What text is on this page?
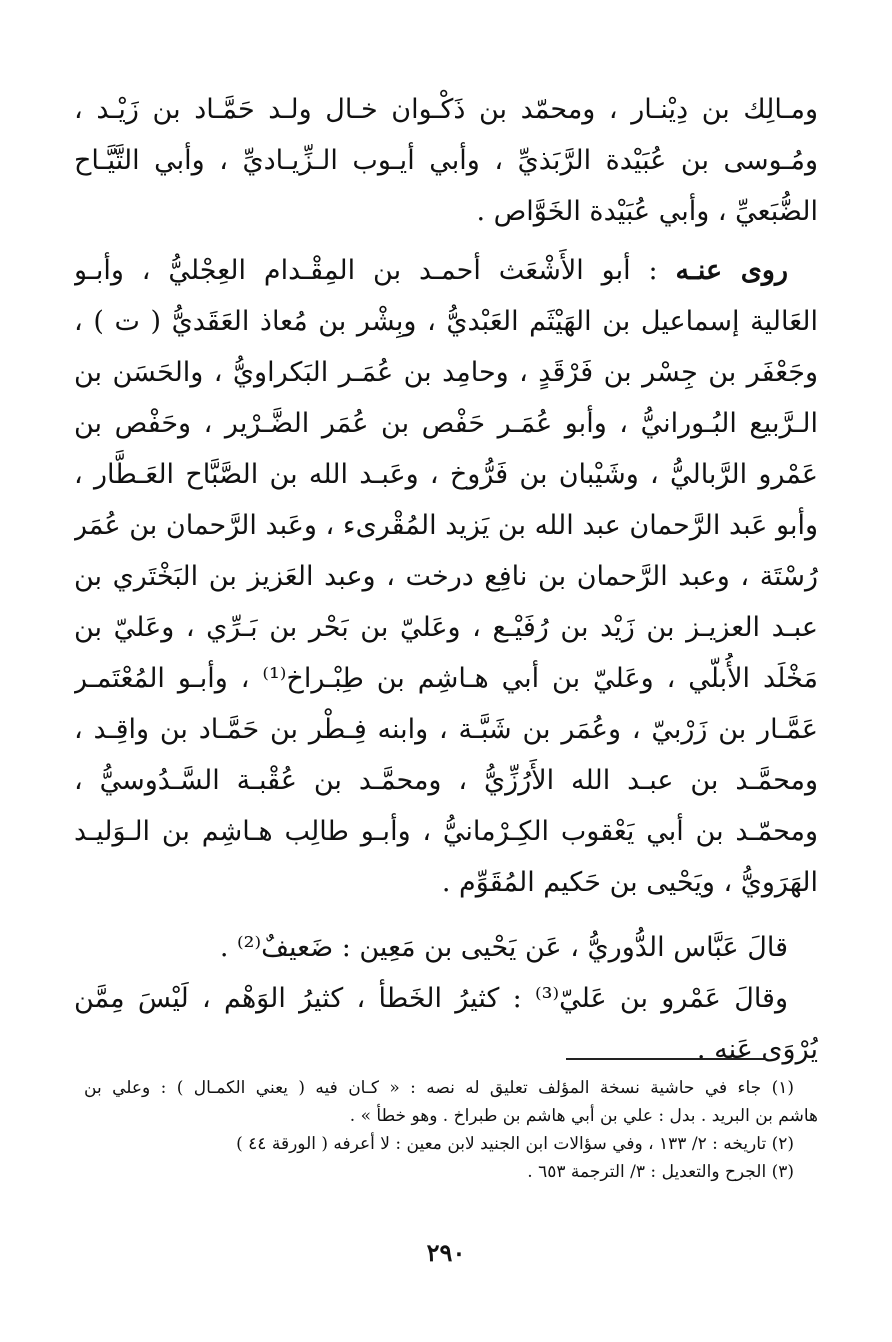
ومـالِك بن دِيْنـار ، ومحمّد بن ذَكْـوان خـال ولـد حَمَّـاد بن زَيْـد ،
ومُـوسى بن عُبَيْدة الرَّبَذيِّ ، وأبي أيـوب الـزِّيـاديِّ ، وأبي التَّيَّـاح
الضُّبَعيِّ ، وأبي عُبَيْدة الخَوَّاص .
روى عنـه : أبو الأَشْعَث أحمـد بن المِقْـدام العِجْليُّ ، وأبـو
العَالية إسماعيل بن الهَيْثَم العَبْديُّ ، وبِشْر بن مُعاذ العَقَديُّ ( ت ) ،
وجَعْفَر بن جِسْر بن فَرْقَدٍ ، وحامِد بن عُمَـر البَكراويُّ ، والحَسَن بن
الـرَّبيع البُـورانيُّ ، وأبو عُمَـر حَفْص بن عُمَر الضَّـرْير ، وحَفْص بن
عَمْرو الرَّباليُّ ، وشَيْبان بن فَرُّوخ ، وعَبـد الله بن الصَّبَّاح العَـطَّار ،
وأبو عَبد الرَّحمان عبد الله بن يَزيد المُقْرىء ، وعَبد الرَّحمان بن عُمَر
رُسْتَة ، وعبد الرَّحمان بن نافِع درخت ، وعبد العَزيز بن البَخْتَري بن
عبـد العزيـز بن زَيْد بن رُفَيْـع ، وعَليّ بن بَحْر بن بَـرِّي ، وعَليّ بن
مَخْلَد الأُبلّي ، وعَليّ بن أبي هـاشِم بن طِبْـراخ⁽¹⁾ ، وأبـو المُعْتَمـر
عَمَّـار بن زَرْبيّ ، وعُمَر بن شَبَّـة ، وابنه فِـطْر بن حَمَّـاد بن واقِـد ،
ومحمَّـد بن عبـد الله الأَرُزِّيُّ ، ومحمَّـد بن عُقْبـة السَّـدُوسيُّ ،
ومحمّـد بن أبي يَعْقوب الكِـرْمانيُّ ، وأبـو طالِب هـاشِم بن الـوَليـد
الهَرَويُّ ، ويَحْيى بن حَكيم المُقَوِّم .
قالَ عَبَّاس الدُّوريُّ ، عَن يَحْيى بن مَعِين : ضَعيفٌ⁽²⁾ .
وقالَ عَمْرو بن عَليّ⁽³⁾ : كثيرُ الخَطأ ، كثيرُ الوَهْم ، لَيْسَ مِمَّن
يُرْوَى عَنه .
(١) جاء في حاشية نسخة المؤلف تعليق له نصه : « كـان فيه ( يعني الكمـال ) : وعلي بن
هاشم بن البريد . بدل : علي بن أبي هاشم بن طبراخ . وهو خطأ » .
(٢) تاريخه : ٢/ ١٣٣ ، وفي سؤالات ابن الجنيد لابن معين : لا أعرفه ( الورقة ٤٤ )
(٣) الجرح والتعديل : ٣/ الترجمة ٦٥٣ .
٢٩٠
